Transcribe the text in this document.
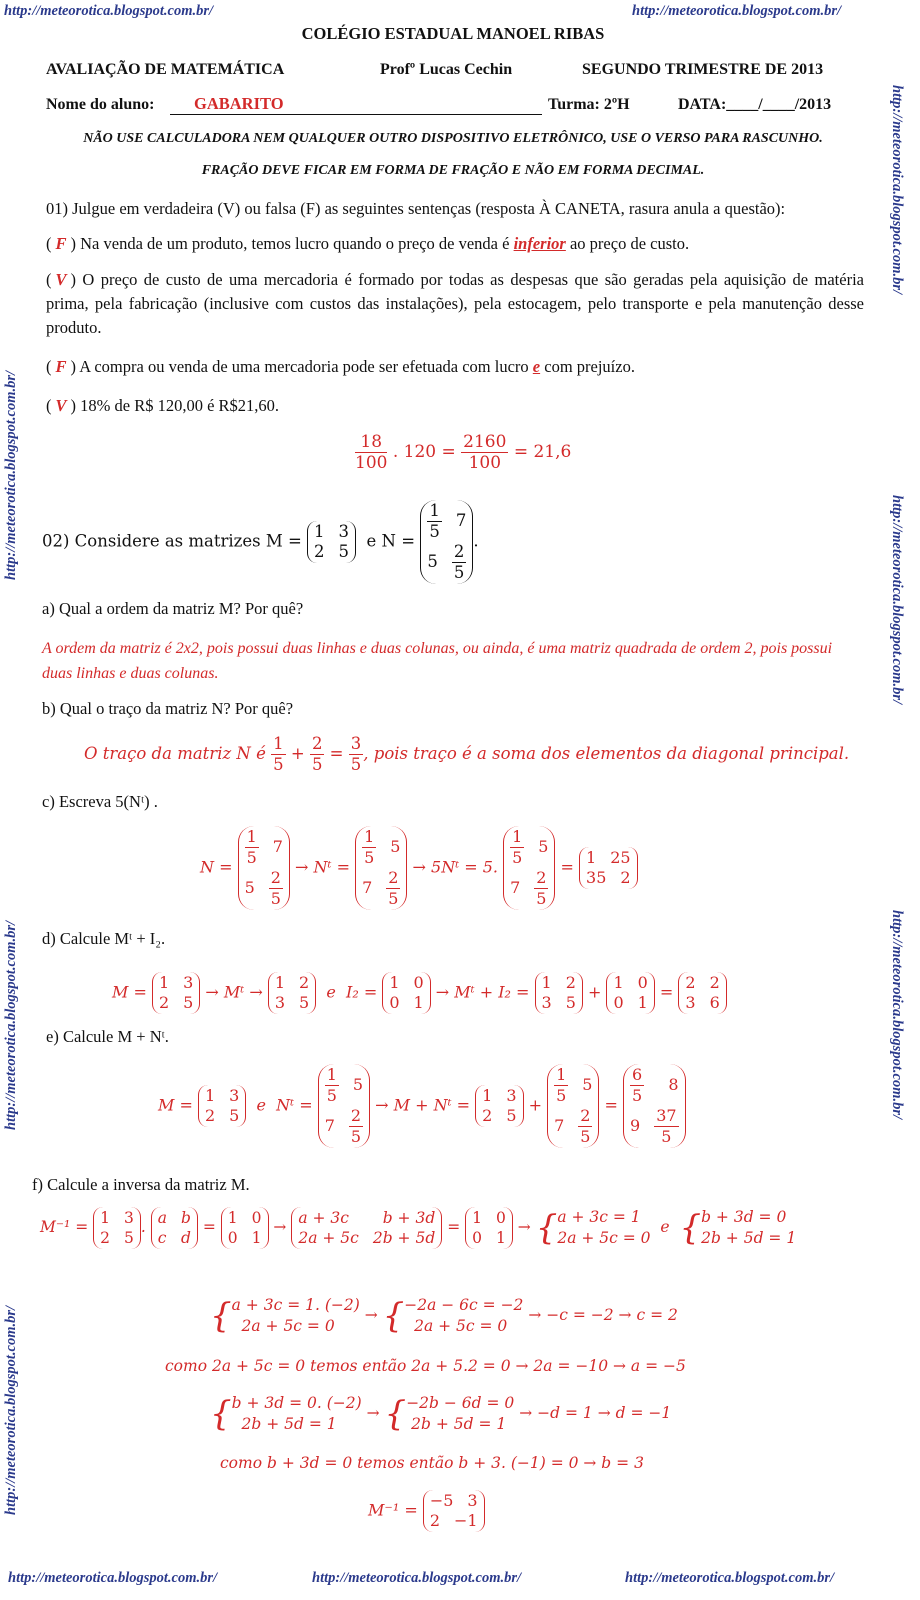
http://meteorotica.blogspot.com.br/	http://meteorotica.blogspot.com.br/
http://meteorotica.blogspot.com.br/	http://meteorotica.blogspot.com.br/	http://meteorotica.blogspot.com.br/
http://meteorotica.blogspot.com.br/
http://meteorotica.blogspot.com.br/
http://meteorotica.blogspot.com.br/
http://meteorotica.blogspot.com.br/
http://meteorotica.blogspot.com.br/
http://meteorotica.blogspot.com.br/
COLÉGIO ESTADUAL MANOEL RIBAS
AVALIAÇÃO DE MATEMÁTICA	Profº Lucas Cechin	SEGUNDO TRIMESTRE DE 2013
Nome do aluno: GABARITO	Turma: 2ºH	DATA:____/____/2013
NÃO USE CALCULADORA NEM QUALQUER OUTRO DISPOSITIVO ELETRÔNICO, USE O VERSO PARA RASCUNHO.
FRAÇÃO DEVE FICAR EM FORMA DE FRAÇÃO E NÃO EM FORMA DECIMAL.
01) Julgue em verdadeira (V) ou falsa (F) as seguintes sentenças (resposta À CANETA, rasura anula a questão):
( F ) Na venda de um produto, temos lucro quando o preço de venda é inferior ao preço de custo.
( V ) O preço de custo de uma mercadoria é formado por todas as despesas que são geradas pela aquisição de matéria prima, pela fabricação (inclusive com custos das instalações), pela estocagem, pelo transporte e pela manutenção desse produto.
( F ) A compra ou venda de uma mercadoria pode ser efetuada com lucro e com prejuízo.
( V ) 18% de R$ 120,00 é R$21,60.
$\frac{18}{100}$ . $120 = \frac{2160}{100} = 21,6$
02) Considere as matrizes M = 1 3
2 5
e $N = \frac{1}{5} 7$
$5 \frac{2}{5}$
.
a) Qual a ordem da matriz M? Por quê?
A ordem da matriz é 2x2, pois possui duas linhas e duas colunas, ou ainda, é uma matriz quadrada de ordem 2, pois possui duas linhas e duas colunas.
b) Qual o traço da matriz N? Por quê?
O traço da matriz N é $\frac{1}{5} + \frac{2}{5} = \frac{3}{5}$ , pois traço é a soma dos elementos da diagonal principal.
c) Escreva 5(Nᵗ) .
$N = \frac{1}{5} 7$
$5 \frac{2}{5}$
→ Nᵗ = $\frac{1}{5} 5$
$7 \frac{2}{5}$
→ 5Nᵗ = 5. $\frac{1}{5} 5$
$7 \frac{2}{5}$
= 1 25
35 2
d) Calcule Mᵗ + I₂.
M = 1 3
2 5
→ Mᵗ → 1 2
3 5
e  I₂ = 1 0
0 1
→ Mᵗ + I₂ = 1 2
3 5
+ 1 0
0 1
= 2 2
3 6
e) Calcule M + Nᵗ.
M = 1 3
2 5
e  Nᵗ = $\frac{1}{5} 5$
$7 \frac{2}{5}$
→ M + Nᵗ = 1 3
2 5
+ $\frac{1}{5} 5$
$7 \frac{2}{5}$
= $\frac{6}{5} 8$
$9 \frac{37}{5}$
f) Calcule a inversa da matriz M.
M⁻¹ = 1 3
2 5
. a b
c d
= 1 0
0 1
→ a + 3c b + 3d
2a + 5c 2b + 5d
= 1 0
0 1
→ {a + 3c = 1
2a + 5c = 0  e  {b + 3d = 0
2b + 5d = 1
{a + 3c = 1. (−2)
2a + 5c = 0 → {−2a − 6c = −2
2a + 5c = 0 → −c = −2 → c = 2
como 2a + 5c = 0 temos então 2a + 5.2 = 0 → 2a = −10 → a = −5
{b + 3d = 0. (−2)
2b + 5d = 1 → {−2b − 6d = 0
2b + 5d = 1 → −d = 1 → d = −1
como b + 3d = 0 temos então b + 3. (−1) = 0 → b = 3
M⁻¹ = −5 3
2 −1
